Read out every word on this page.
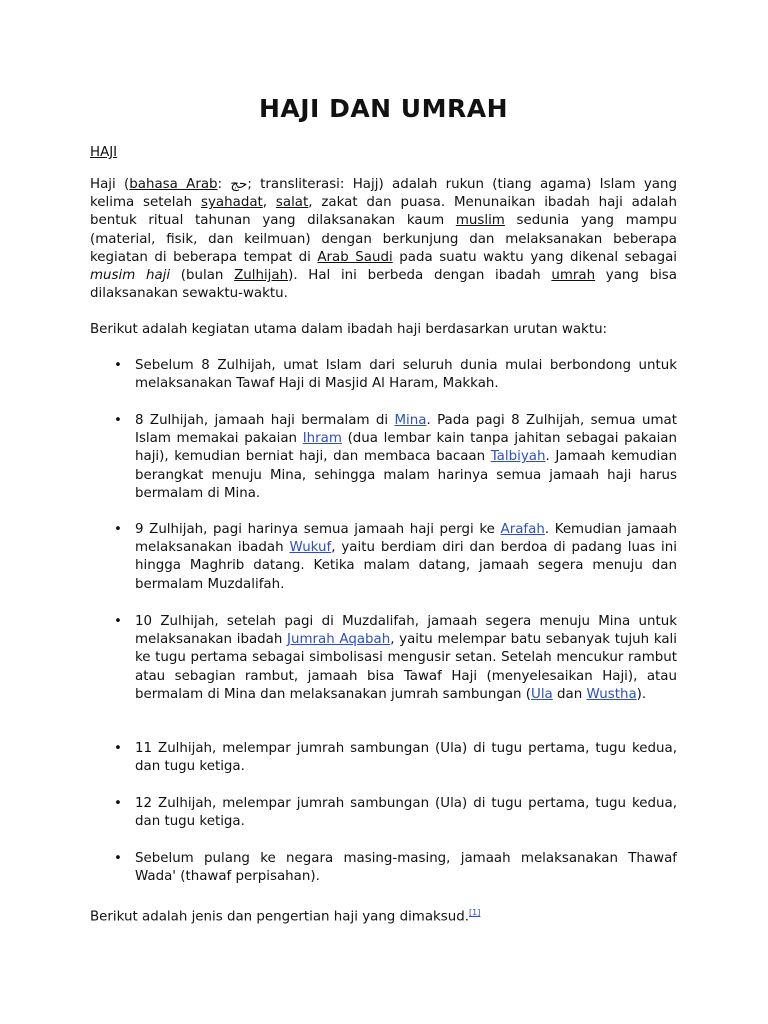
HAJI DAN UMRAH

HAJI

Haji (bahasa Arab: حج; transliterasi: Hajj) adalah rukun (tiang agama) Islam yang kelima setelah syahadat, salat, zakat dan puasa. Menunaikan ibadah haji adalah bentuk ritual tahunan yang dilaksanakan kaum muslim sedunia yang mampu (material, fisik, dan keilmuan) dengan berkunjung dan melaksanakan beberapa kegiatan di beberapa tempat di Arab Saudi pada suatu waktu yang dikenal sebagai musim haji (bulan Zulhijah). Hal ini berbeda dengan ibadah umrah yang bisa dilaksanakan sewaktu-waktu.

Berikut adalah kegiatan utama dalam ibadah haji berdasarkan urutan waktu:

• Sebelum 8 Zulhijah, umat Islam dari seluruh dunia mulai berbondong untuk melaksanakan Tawaf Haji di Masjid Al Haram, Makkah.

• 8 Zulhijah, jamaah haji bermalam di Mina. Pada pagi 8 Zulhijah, semua umat Islam memakai pakaian Ihram (dua lembar kain tanpa jahitan sebagai pakaian haji), kemudian berniat haji, dan membaca bacaan Talbiyah. Jamaah kemudian berangkat menuju Mina, sehingga malam harinya semua jamaah haji harus bermalam di Mina.

• 9 Zulhijah, pagi harinya semua jamaah haji pergi ke Arafah. Kemudian jamaah melaksanakan ibadah Wukuf, yaitu berdiam diri dan berdoa di padang luas ini hingga Maghrib datang. Ketika malam datang, jamaah segera menuju dan bermalam Muzdalifah.

• 10 Zulhijah, setelah pagi di Muzdalifah, jamaah segera menuju Mina untuk melaksanakan ibadah Jumrah Aqabah, yaitu melempar batu sebanyak tujuh kali ke tugu pertama sebagai simbolisasi mengusir setan. Setelah mencukur rambut atau sebagian rambut, jamaah bisa Tawaf Haji (menyelesaikan Haji), atau bermalam di Mina dan melaksanakan jumrah sambungan (Ula dan Wustha).

• 11 Zulhijah, melempar jumrah sambungan (Ula) di tugu pertama, tugu kedua, dan tugu ketiga.

• 12 Zulhijah, melempar jumrah sambungan (Ula) di tugu pertama, tugu kedua, dan tugu ketiga.

• Sebelum pulang ke negara masing-masing, jamaah melaksanakan Thawaf Wada' (thawaf perpisahan).

Berikut adalah jenis dan pengertian haji yang dimaksud.[1]
